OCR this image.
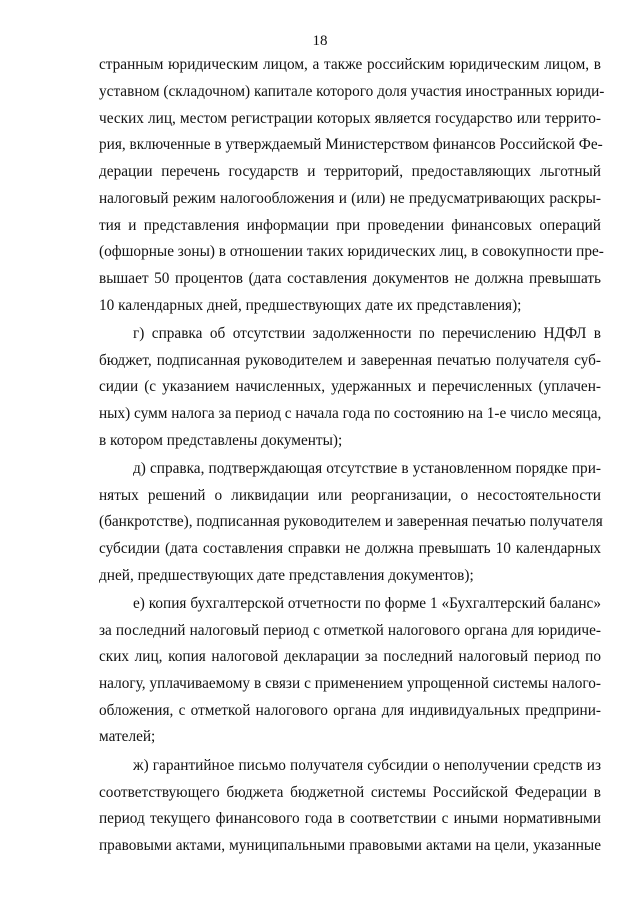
18
странным юридическим лицом, а также российским юридическим лицом, в
уставном (складочном) капитале которого доля участия иностранных юриди-
ческих лиц, местом регистрации которых является государство или террито-
рия, включенные в утверждаемый Министерством финансов Российской Фе-
дерации перечень государств и территорий, предоставляющих льготный
налоговый режим налогообложения и (или) не предусматривающих раскры-
тия и представления информации при проведении финансовых операций
(офшорные зоны) в отношении таких юридических лиц, в совокупности пре-
вышает 50 процентов (дата составления документов не должна превышать
10 календарных дней, предшествующих дате их представления);
г) справка об отсутствии задолженности по перечислению НДФЛ в
бюджет, подписанная руководителем и заверенная печатью получателя суб-
сидии (с указанием начисленных, удержанных и перечисленных (уплачен-
ных) сумм налога за период с начала года по состоянию на 1-е число месяца,
в котором представлены документы);
д) справка, подтверждающая отсутствие в установленном порядке при-
нятых решений о ликвидации или реорганизации, о несостоятельности
(банкротстве), подписанная руководителем и заверенная печатью получателя
субсидии (дата составления справки не должна превышать 10 календарных
дней, предшествующих дате представления документов);
е) копия бухгалтерской отчетности по форме 1 «Бухгалтерский баланс»
за последний налоговый период с отметкой налогового органа для юридиче-
ских лиц, копия налоговой декларации за последний налоговый период по
налогу, уплачиваемому в связи с применением упрощенной системы налого-
обложения, с отметкой налогового органа для индивидуальных предприни-
мателей;
ж) гарантийное письмо получателя субсидии о неполучении средств из
соответствующего бюджета бюджетной системы Российской Федерации в
период текущего финансового года в соответствии с иными нормативными
правовыми актами, муниципальными правовыми актами на цели, указанные
